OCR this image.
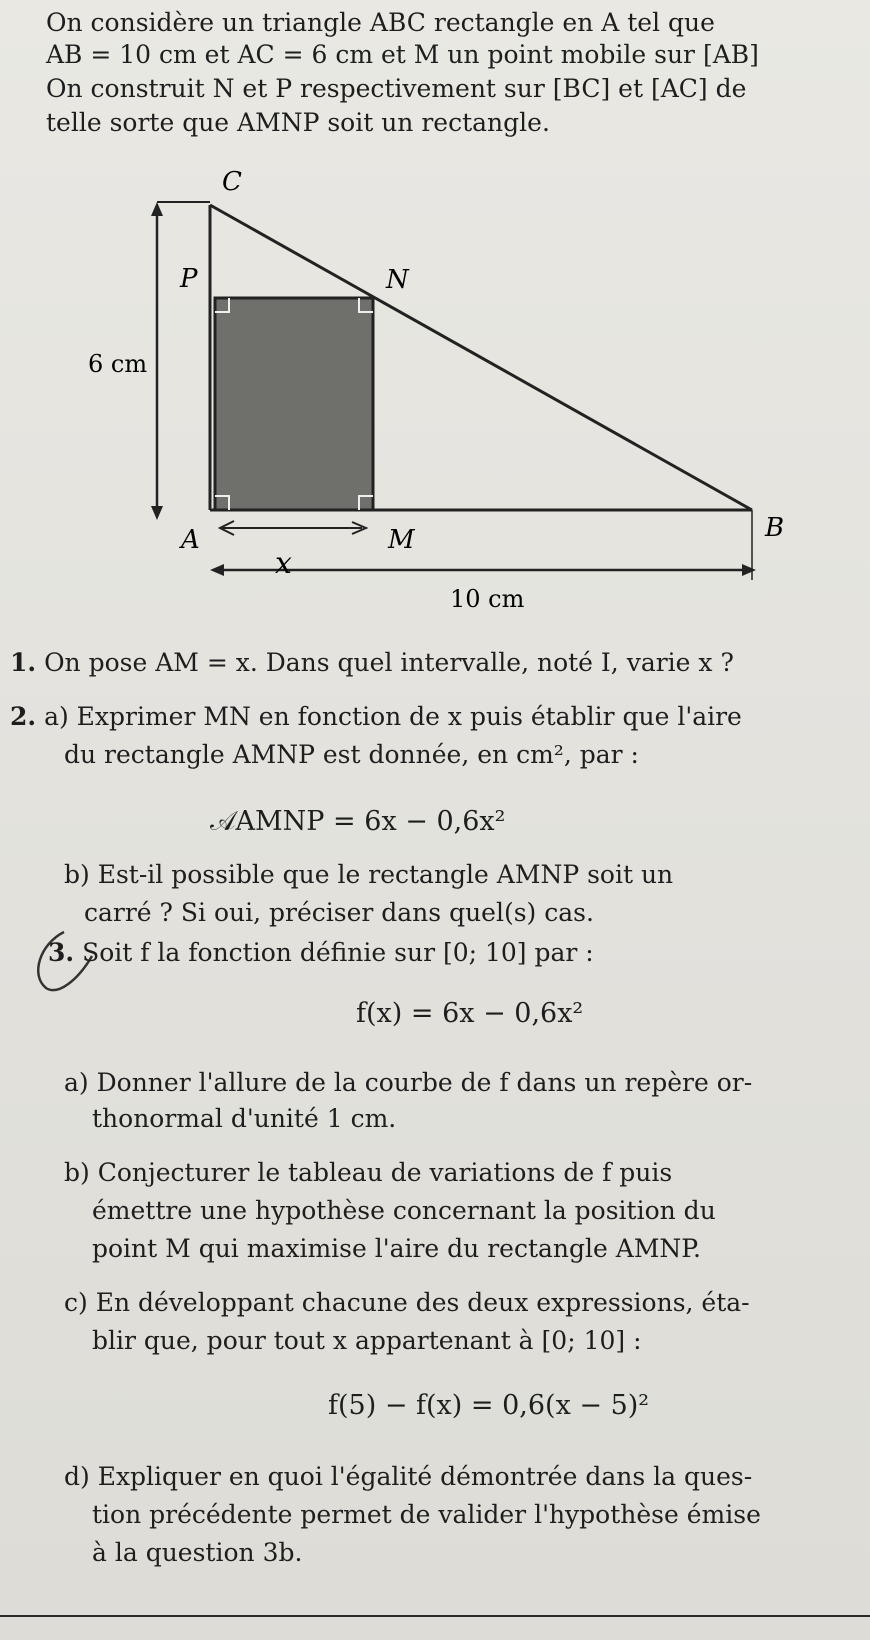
On considère un triangle ABC rectangle en A tel que
AB = 10 cm et AC = 6 cm et M un point mobile sur [AB]
On construit N et P respectivement sur [BC] et [AC] de
telle sorte que AMNP soit un rectangle.
C
P	N
A	M	B
x
6 cm
10 cm
1. On pose AM = x. Dans quel intervalle, noté I, varie x ?
2. a) Exprimer MN en fonction de x puis établir que l'aire
du rectangle AMNP est donnée, en cm², par :
𝒜AMNP = 6x − 0,6x²
b) Est-il possible que le rectangle AMNP soit un
carré ? Si oui, préciser dans quel(s) cas.
3. Soit f la fonction définie sur [0; 10] par :
f(x) = 6x − 0,6x²
a) Donner l'allure de la courbe de f dans un repère or-
thonormal d'unité 1 cm.
b) Conjecturer le tableau de variations de f puis
émettre une hypothèse concernant la position du
point M qui maximise l'aire du rectangle AMNP.
c) En développant chacune des deux expressions, éta-
blir que, pour tout x appartenant à [0; 10] :
f(5) − f(x) = 0,6(x − 5)²
d) Expliquer en quoi l'égalité démontrée dans la ques-
tion précédente permet de valider l'hypothèse émise
à la question 3b.
